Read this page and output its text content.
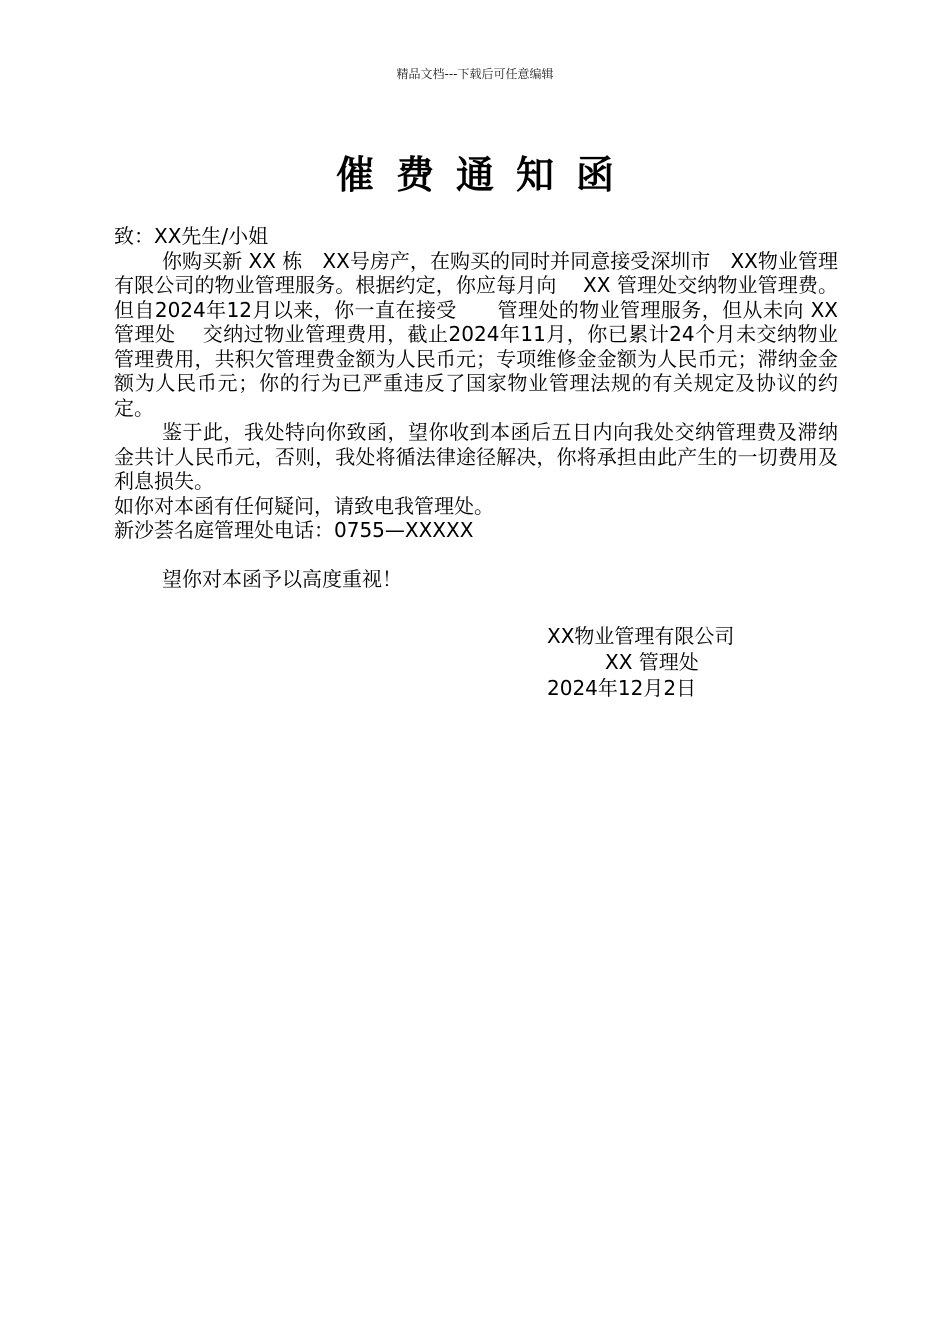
精品文档---下载后可任意编辑
催费通知函

致：XX先生/小姐

你购买新 XX 栋　XX号房产，在购买的同时并同意接受深圳市　XX物业管理有限公司的物业管理服务。根据约定，你应每月向　 XX 管理处交纳物业管理费。但自2024年12月以来，你一直在接受　　管理处的物业管理服务，但从未向 XX管理处　 交纳过物业管理费用，截止2024年11月，你已累计24个月未交纳物业管理费用，共积欠管理费金额为人民币元；专项维修金金额为人民币元；滞纳金金额为人民币元；你的行为已严重违反了国家物业管理法规的有关规定及协议的约定。

鉴于此，我处特向你致函，望你收到本函后五日内向我处交纳管理费及滞纳金共计人民币元，否则，我处将循法律途径解决，你将承担由此产生的一切费用及利息损失。

如你对本函有任何疑问，请致电我管理处。

新沙荟名庭管理处电话：0755—XXXXX

望你对本函予以高度重视！

XX物业管理有限公司
XX 管理处
2024年12月2日
